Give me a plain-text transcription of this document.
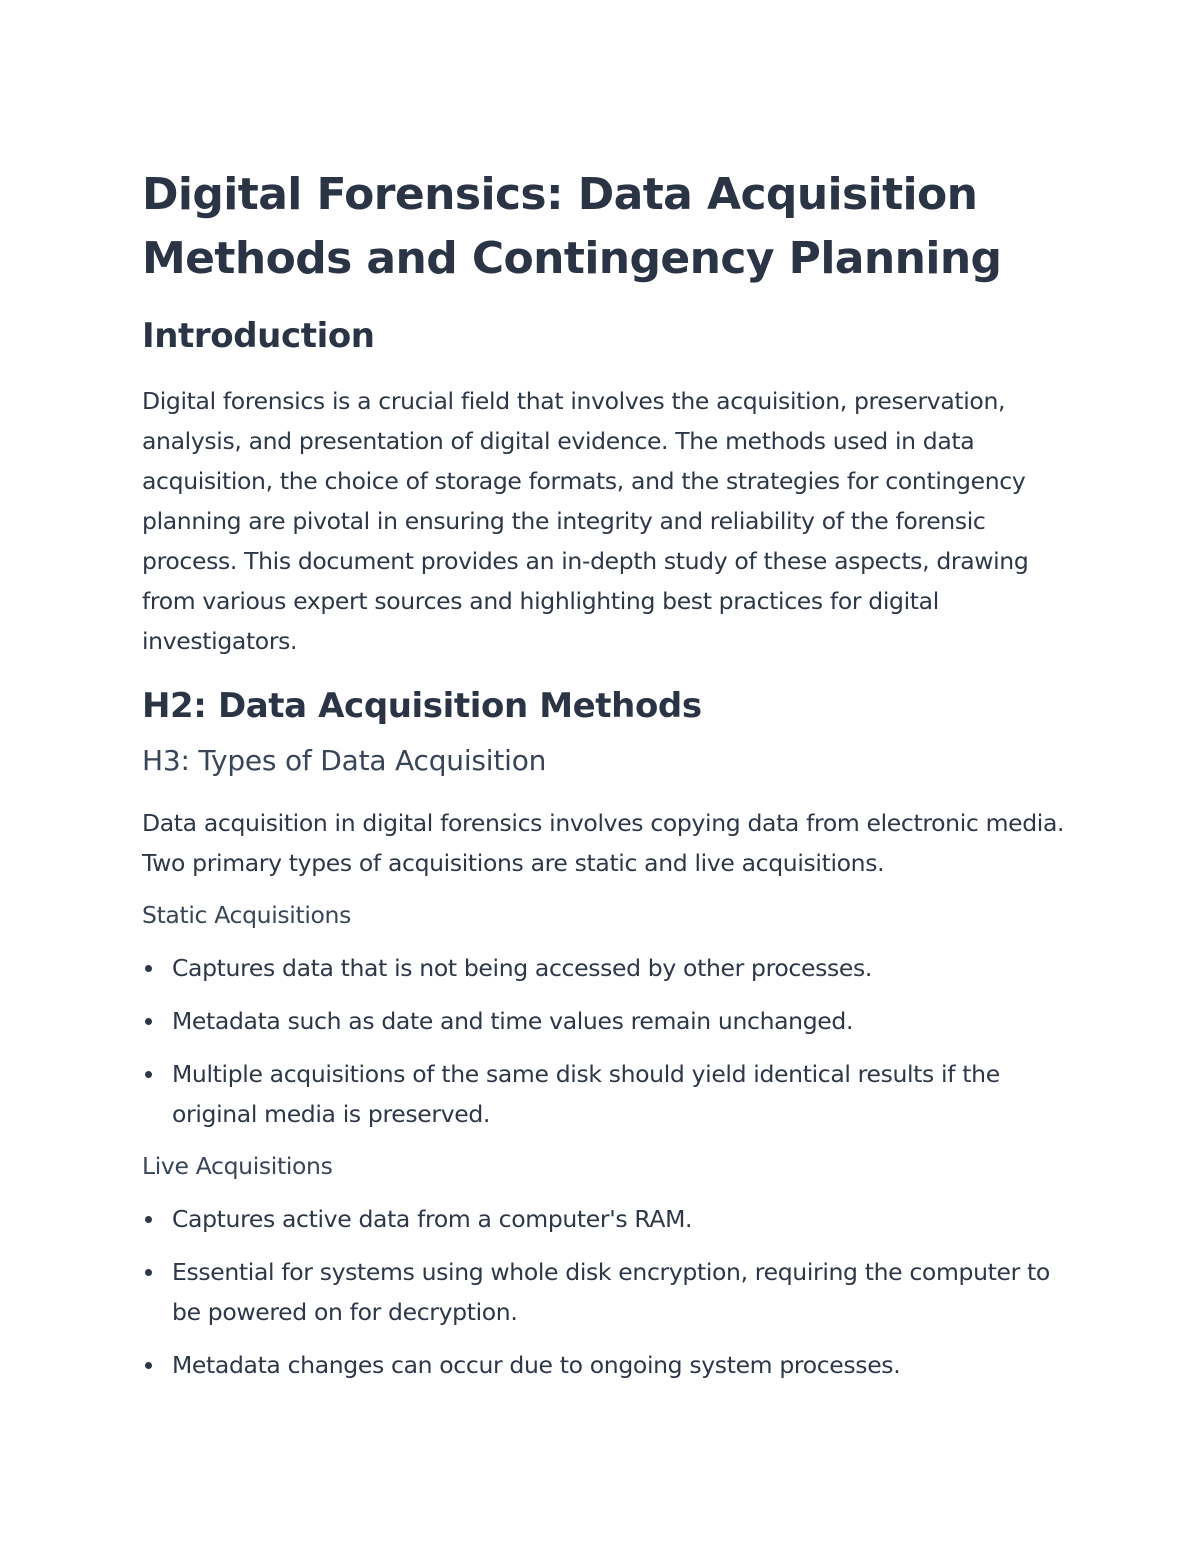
Digital Forensics: Data Acquisition Methods and Contingency Planning
Introduction

Digital forensics is a crucial field that involves the acquisition, preservation, analysis, and presentation of digital evidence. The methods used in data acquisition, the choice of storage formats, and the strategies for contingency planning are pivotal in ensuring the integrity and reliability of the forensic process. This document provides an in-depth study of these aspects, drawing from various expert sources and highlighting best practices for digital investigators.

H2: Data Acquisition Methods
H3: Types of Data Acquisition

Data acquisition in digital forensics involves copying data from electronic media. Two primary types of acquisitions are static and live acquisitions.

Static Acquisitions
Captures data that is not being accessed by other processes.
Metadata such as date and time values remain unchanged.
Multiple acquisitions of the same disk should yield identical results if the original media is preserved.
Live Acquisitions
Captures active data from a computer's RAM.
Essential for systems using whole disk encryption, requiring the computer to be powered on for decryption.
Metadata changes can occur due to ongoing system processes.
